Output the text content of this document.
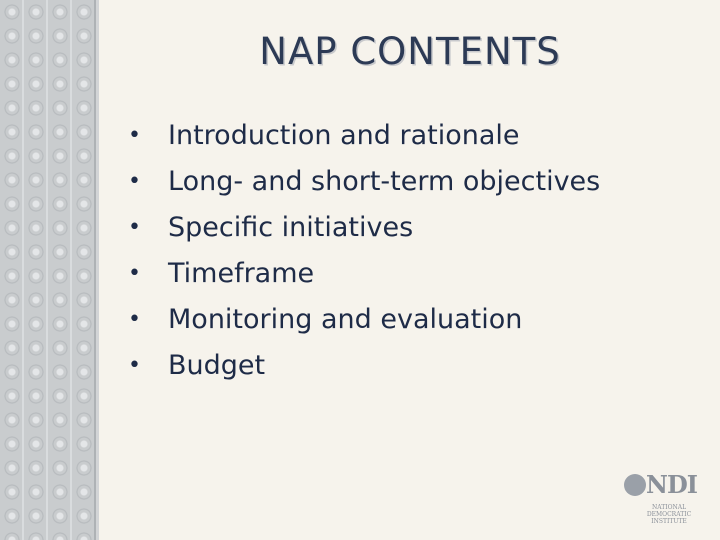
NAP CONTENTS
•	Introduction and rationale
•	Long- and short-term objectives
•	Specific initiatives
•	Timeframe
•	Monitoring and evaluation
•	Budget
NDI
NATIONAL
DEMOCRATIC
INSTITUTE
